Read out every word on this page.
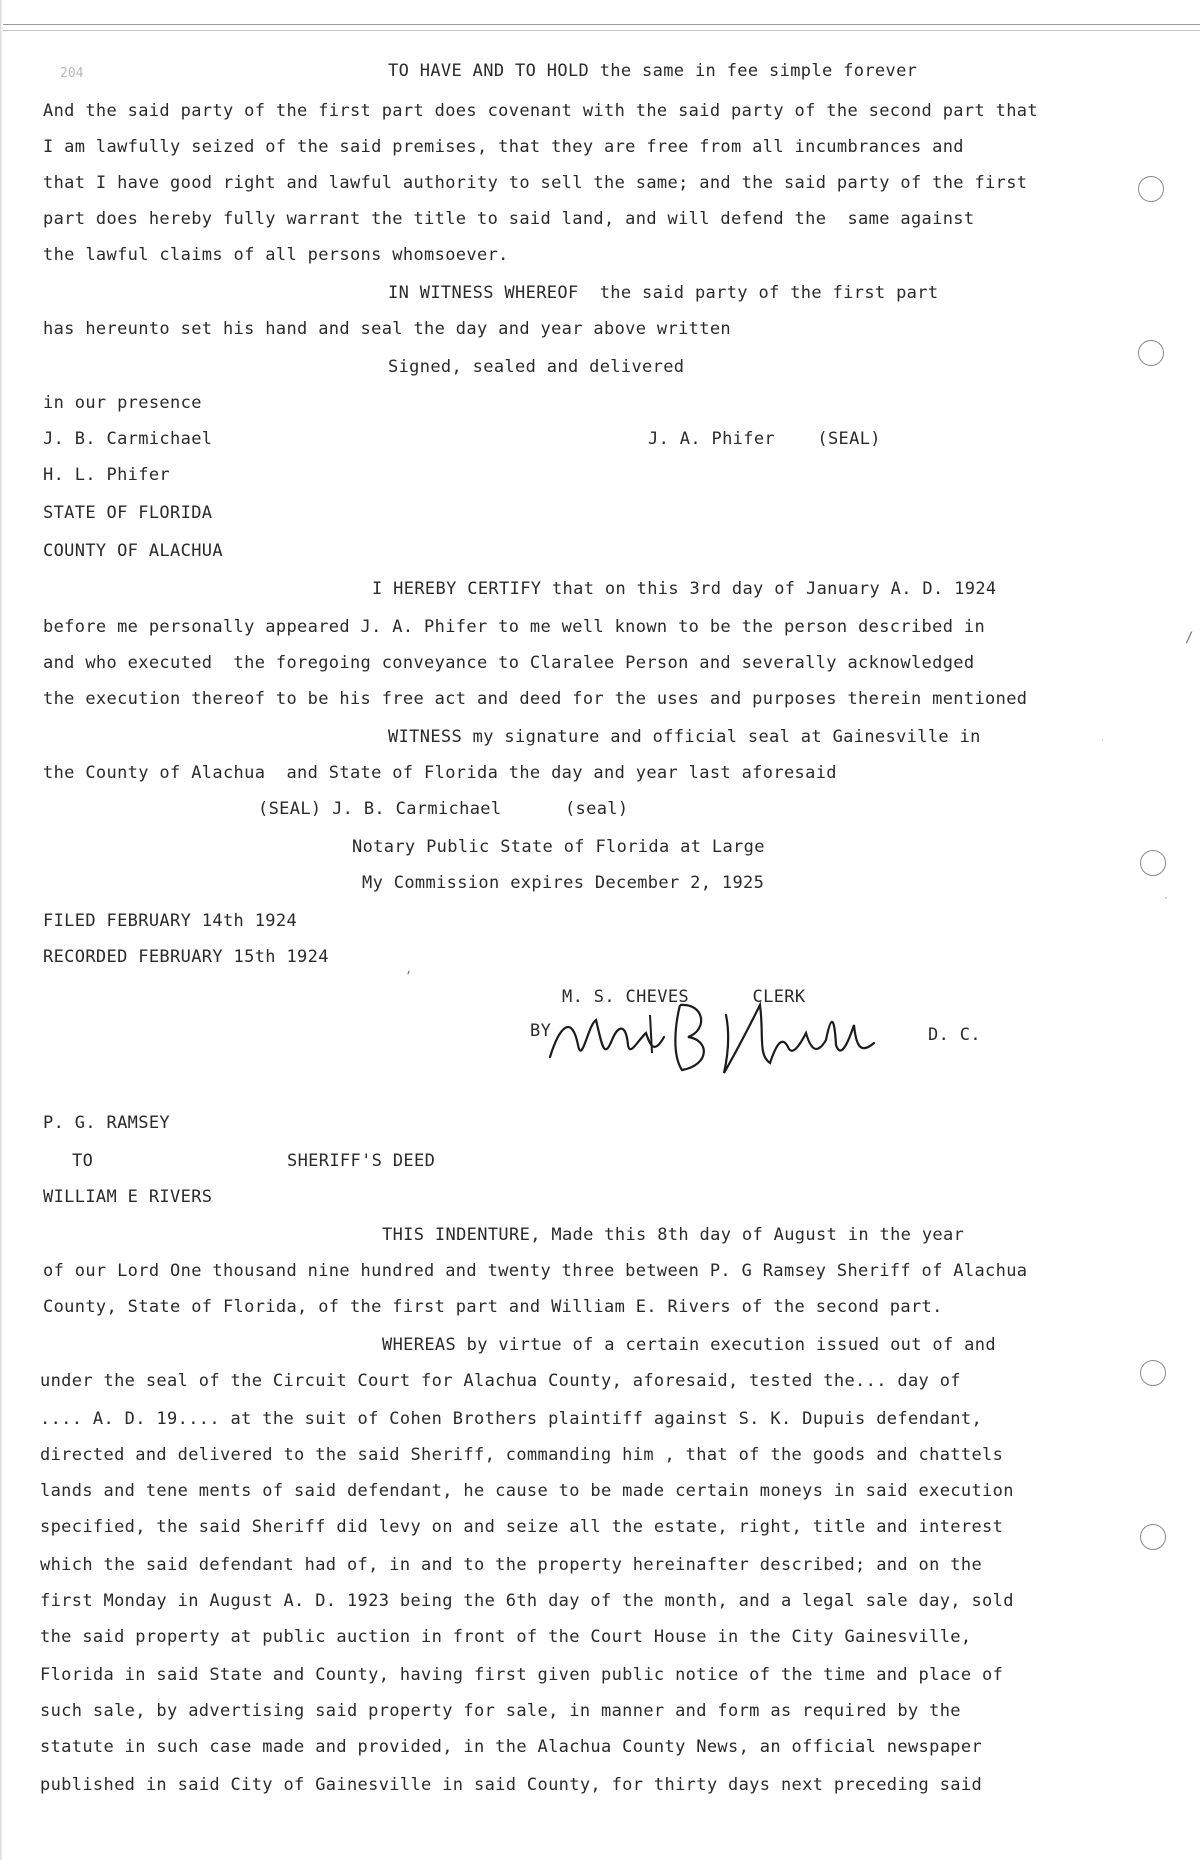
204	TO HAVE AND TO HOLD the same in fee simple forever
And the said party of the first part does covenant with the said party of the second part that
I am lawfully seized of the said premises, that they are free from all incumbrances and
that I have good right and lawful authority to sell the same; and the said party of the first
part does hereby fully warrant the title to said land, and will defend the  same against
the lawful claims of all persons whomsoever.
IN WITNESS WHEREOF  the said party of the first part
has hereunto set his hand and seal the day and year above written
Signed, sealed and delivered
in our presence
J. B. Carmichael	J. A. Phifer    (SEAL)
H. L. Phifer
STATE OF FLORIDA
COUNTY OF ALACHUA
I HEREBY CERTIFY that on this 3rd day of January A. D. 1924
before me personally appeared J. A. Phifer to me well known to be the person described in
and who executed  the foregoing conveyance to Claralee Person and severally acknowledged
the execution thereof to be his free act and deed for the uses and purposes therein mentioned
WITNESS my signature and official seal at Gainesville in
the County of Alachua  and State of Florida the day and year last aforesaid
(SEAL) J. B. Carmichael      (seal)
Notary Public State of Florida at Large
My Commission expires December 2, 1925
FILED FEBRUARY 14th 1924
RECORDED FEBRUARY 15th 1924
M. S. CHEVES      CLERK
BY	D. C.
P. G. RAMSEY
TO	SHERIFF'S DEED
WILLIAM E RIVERS
THIS INDENTURE, Made this 8th day of August in the year
of our Lord One thousand nine hundred and twenty three between P. G Ramsey Sheriff of Alachua
County, State of Florida, of the first part and William E. Rivers of the second part.
WHEREAS by virtue of a certain execution issued out of and
under the seal of the Circuit Court for Alachua County, aforesaid, tested the... day of
.... A. D. 19.... at the suit of Cohen Brothers plaintiff against S. K. Dupuis defendant,
directed and delivered to the said Sheriff, commanding him , that of the goods and chattels
lands and tene ments of said defendant, he cause to be made certain moneys in said execution
specified, the said Sheriff did levy on and seize all the estate, right, title and interest
which the said defendant had of, in and to the property hereinafter described; and on the
first Monday in August A. D. 1923 being the 6th day of the month, and a legal sale day, sold
the said property at public auction in front of the Court House in the City Gainesville,
Florida in said State and County, having first given public notice of the time and place of
such sale, by advertising said property for sale, in manner and form as required by the
statute in such case made and provided, in the Alachua County News, an official newspaper
published in said City of Gainesville in said County, for thirty days next preceding said
/
·
·
,
